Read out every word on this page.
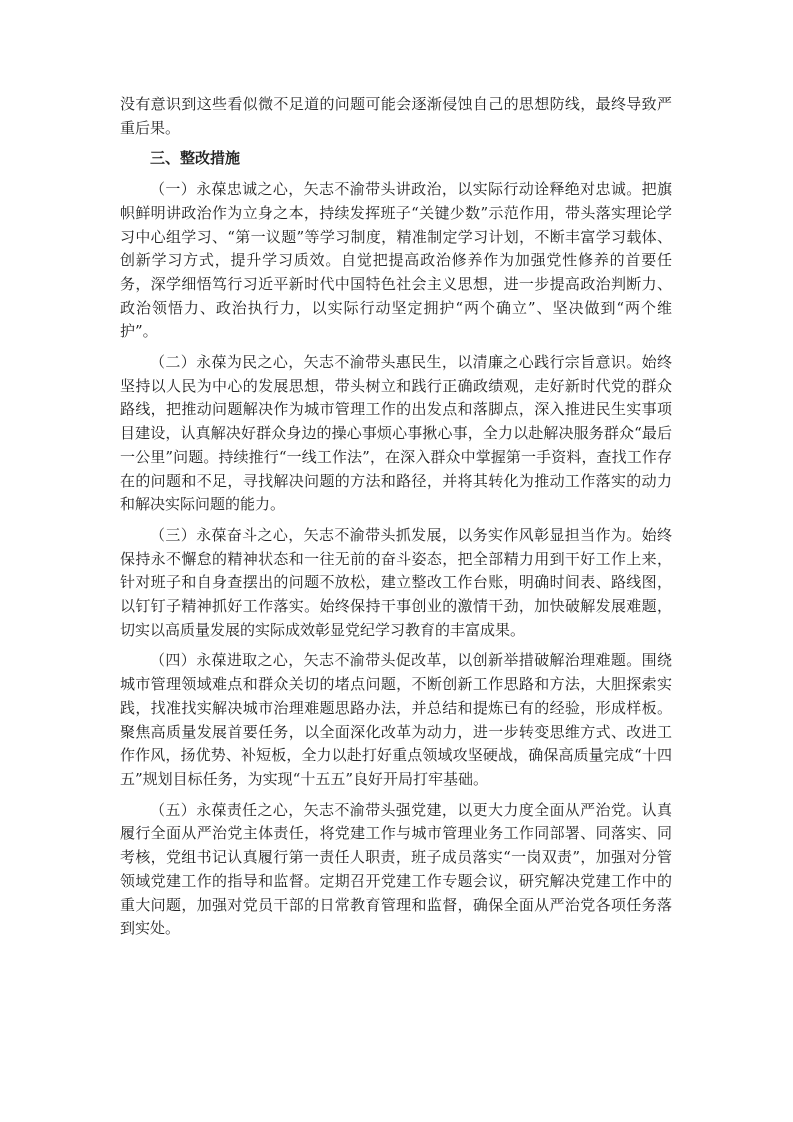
没有意识到这些看似微不足道的问题可能会逐渐侵蚀自己的思想防线，最终导致严重后果。

三、整改措施

（一）永葆忠诚之心，矢志不渝带头讲政治，以实际行动诠释绝对忠诚。把旗帜鲜明讲政治作为立身之本，持续发挥班子“关键少数”示范作用，带头落实理论学习中心组学习、“第一议题”等学习制度，精准制定学习计划，不断丰富学习载体、创新学习方式，提升学习质效。自觉把提高政治修养作为加强党性修养的首要任务，深学细悟笃行习近平新时代中国特色社会主义思想，进一步提高政治判断力、政治领悟力、政治执行力，以实际行动坚定拥护“两个确立”、坚决做到“两个维护”。

（二）永葆为民之心，矢志不渝带头惠民生，以清廉之心践行宗旨意识。始终坚持以人民为中心的发展思想，带头树立和践行正确政绩观，走好新时代党的群众路线，把推动问题解决作为城市管理工作的出发点和落脚点，深入推进民生实事项目建设，认真解决好群众身边的操心事烦心事揪心事，全力以赴解决服务群众“最后一公里”问题。持续推行“一线工作法”，在深入群众中掌握第一手资料，查找工作存在的问题和不足，寻找解决问题的方法和路径，并将其转化为推动工作落实的动力和解决实际问题的能力。

（三）永葆奋斗之心，矢志不渝带头抓发展，以务实作风彰显担当作为。始终保持永不懈怠的精神状态和一往无前的奋斗姿态，把全部精力用到干好工作上来，针对班子和自身查摆出的问题不放松，建立整改工作台账，明确时间表、路线图，以钉钉子精神抓好工作落实。始终保持干事创业的激情干劲，加快破解发展难题，切实以高质量发展的实际成效彰显党纪学习教育的丰富成果。

（四）永葆进取之心，矢志不渝带头促改革，以创新举措破解治理难题。围绕城市管理领域难点和群众关切的堵点问题，不断创新工作思路和方法，大胆探索实践，找准找实解决城市治理难题思路办法，并总结和提炼已有的经验，形成样板。聚焦高质量发展首要任务，以全面深化改革为动力，进一步转变思维方式、改进工作作风，扬优势、补短板，全力以赴打好重点领域攻坚硬战，确保高质量完成“十四五”规划目标任务，为实现“十五五”良好开局打牢基础。

（五）永葆责任之心，矢志不渝带头强党建，以更大力度全面从严治党。认真履行全面从严治党主体责任，将党建工作与城市管理业务工作同部署、同落实、同考核，党组书记认真履行第一责任人职责，班子成员落实“一岗双责”，加强对分管领域党建工作的指导和监督。定期召开党建工作专题会议，研究解决党建工作中的重大问题，加强对党员干部的日常教育管理和监督，确保全面从严治党各项任务落到实处。
